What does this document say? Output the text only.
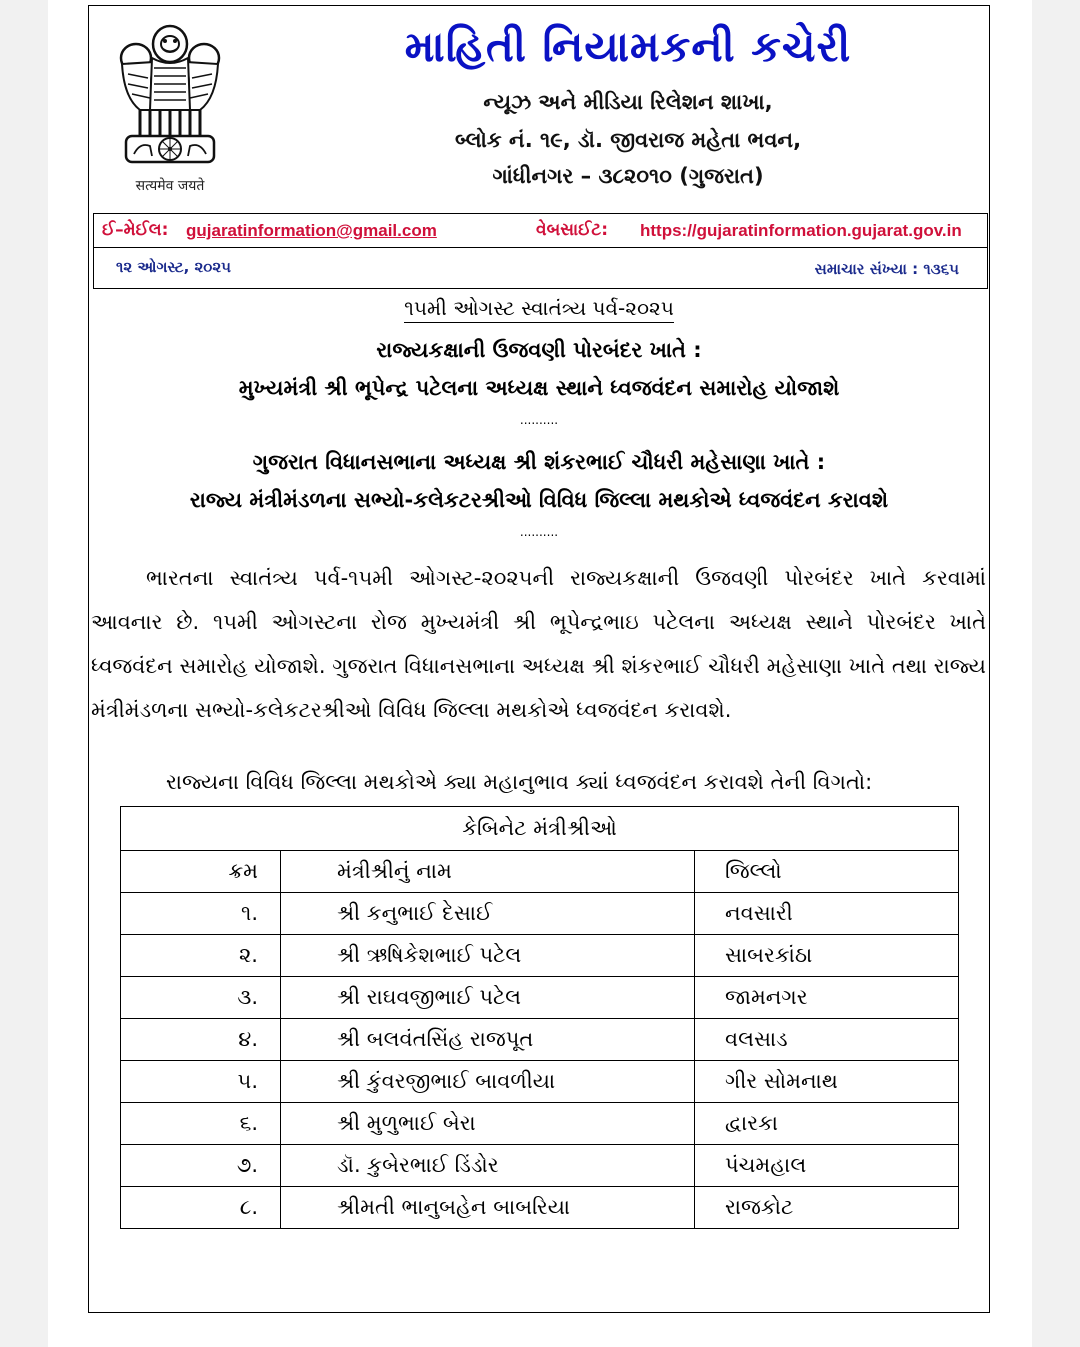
सत्यमेव जयते
માહિતી નિયામકની કચેરી
ન્યૂઝ અને મીડિયા રિલેશન શાખા,
બ્લોક નં. ૧૯, ડૉ. જીવરાજ મહેતા ભવન,
ગાંધીનગર – ૩૮૨૦૧૦ (ગુજરાત)
ઈ–મેઈલ: gujaratinformation@gmail.com	વેબસાઈટ: https://gujaratinformation.gujarat.gov.in
૧૨ ઓગસ્ટ, ૨૦૨૫	સમાચાર સંખ્યા : ૧૩૬૫
૧૫મી ઓગસ્ટ સ્વાતંત્ર્ય પર્વ-૨૦૨૫
રાજ્યકક્ષાની ઉજવણી પોરબંદર ખાતે :
મુખ્યમંત્રી શ્રી ભૂપેન્દ્ર પટેલના અધ્યક્ષ સ્થાને ધ્વજવંદન સમારોહ યોજાશે
..........
ગુજરાત વિધાનસભાના અધ્યક્ષ શ્રી શંકરભાઈ ચૌધરી મહેસાણા ખાતે :
રાજ્ય મંત્રીમંડળના સભ્યો-કલેકટરશ્રીઓ વિવિધ જિલ્લા મથકોએ ધ્વજવંદન કરાવશે
..........

ભારતના સ્વાતંત્ર્ય પર્વ-૧૫મી ઓગસ્ટ-૨૦૨૫ની રાજ્યકક્ષાની ઉજવણી પોરબંદર ખાતે કરવામાં આવનાર છે. ૧૫મી ઓગસ્ટના રોજ મુખ્યમંત્રી શ્રી ભૂપેન્દ્રભાઇ પટેલના અધ્યક્ષ સ્થાને પોરબંદર ખાતે ધ્વજવંદન સમારોહ યોજાશે. ગુજરાત વિધાનસભાના અધ્યક્ષ શ્રી શંકરભાઈ ચૌધરી મહેસાણા ખાતે તથા રાજ્ય મંત્રીમંડળના સભ્યો-કલેકટરશ્રીઓ વિવિધ જિલ્લા મથકોએ ધ્વજવંદન કરાવશે.

રાજ્યના વિવિધ જિલ્લા મથકોએ ક્યા મહાનુભાવ ક્યાં ધ્વજવંદન કરાવશે તેની વિગતો:
કેબિનેટ મંત્રીશ્રીઓ		
ક્રમ	મંત્રીશ્રીનું નામ	જિલ્લો
૧.	શ્રી કનુભાઈ દેસાઈ	નવસારી
૨.	શ્રી ઋષિકેશભાઈ પટેલ	સાબરકાંઠા
૩.	શ્રી રાઘવજીભાઈ પટેલ	જામનગર
૪.	શ્રી બલવંતસિંહ રાજપૂત	વલસાડ
૫.	શ્રી કુંવરજીભાઈ બાવળીયા	ગીર સોમનાથ
૬.	શ્રી મુળુભાઈ બેરા	દ્વારકા
૭.	ડૉ. કુબેરભાઈ ડિંડોર	પંચમહાલ
૮.	શ્રીમતી ભાનુબહેન બાબરિયા	રાજકોટ
